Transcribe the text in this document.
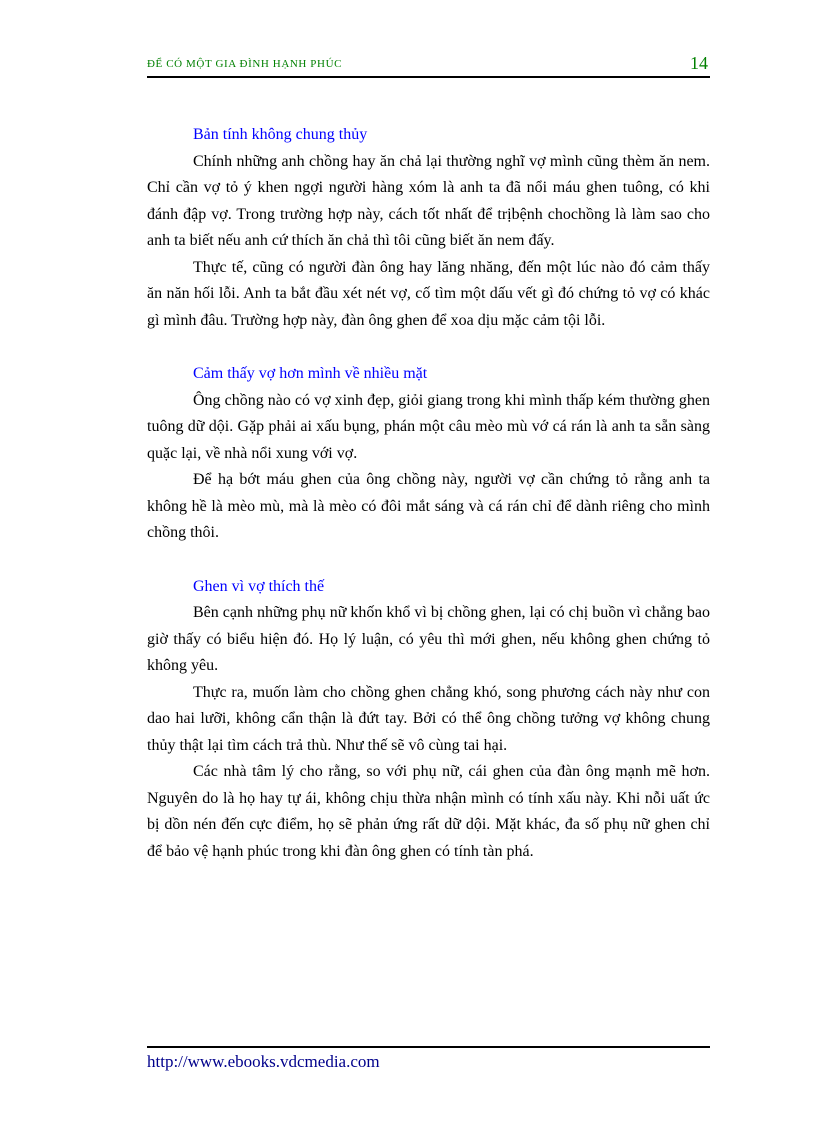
ĐỂ CÓ MỘT GIA ĐÌNH HẠNH PHÚC	14

Bản tính không chung thủy

Chính những anh chồng hay ăn chả lại thường nghĩ vợ mình cũng thèm ăn nem. Chỉ cần vợ tỏ ý khen ngợi người hàng xóm là anh ta đã nổi máu ghen tuông, có khi đánh đập vợ. Trong trường hợp này, cách tốt nhất để trịbệnh chochồng là làm sao cho anh ta biết nếu anh cứ thích ăn chả thì tôi cũng biết ăn nem đấy.

Thực tế, cũng có người đàn ông hay lăng nhăng, đến một lúc nào đó cảm thấy ăn năn hối lỗi. Anh ta bắt đầu xét nét vợ, cố tìm một dấu vết gì đó chứng tỏ vợ có khác gì mình đâu. Trường hợp này, đàn ông ghen để xoa dịu mặc cảm tội lỗi.

Cảm thấy vợ hơn mình về nhiều mặt

Ông chồng nào có vợ xinh đẹp, giỏi giang trong khi mình thấp kém thường ghen tuông dữ dội. Gặp phải ai xấu bụng, phán một câu mèo mù vớ cá rán là anh ta sẵn sàng quặc lại, về nhà nổi xung với vợ.

Để hạ bớt máu ghen của ông chồng này, người vợ cần chứng tỏ rằng anh ta không hề là mèo mù, mà là mèo có đôi mắt sáng và cá rán chỉ để dành riêng cho mình chồng thôi.

Ghen vì vợ thích thế

Bên cạnh những phụ nữ khốn khổ vì bị chồng ghen, lại có chị buồn vì chẳng bao giờ thấy có biểu hiện đó. Họ lý luận, có yêu thì mới ghen, nếu không ghen chứng tỏ không yêu.

Thực ra, muốn làm cho chồng ghen chẳng khó, song phương cách này như con dao hai lưỡi, không cẩn thận là đứt tay. Bởi có thể ông chồng tưởng vợ không chung thủy thật lại tìm cách trả thù. Như thế sẽ vô cùng tai hại.

Các nhà tâm lý cho rằng, so với phụ nữ, cái ghen của đàn ông mạnh mẽ hơn. Nguyên do là họ hay tự ái, không chịu thừa nhận mình có tính xấu này. Khi nỗi uất ức bị dồn nén đến cực điểm, họ sẽ phản ứng rất dữ dội. Mặt khác, đa số phụ nữ ghen chỉ để bảo vệ hạnh phúc trong khi đàn ông ghen có tính tàn phá.

http://www.ebooks.vdcmedia.com
